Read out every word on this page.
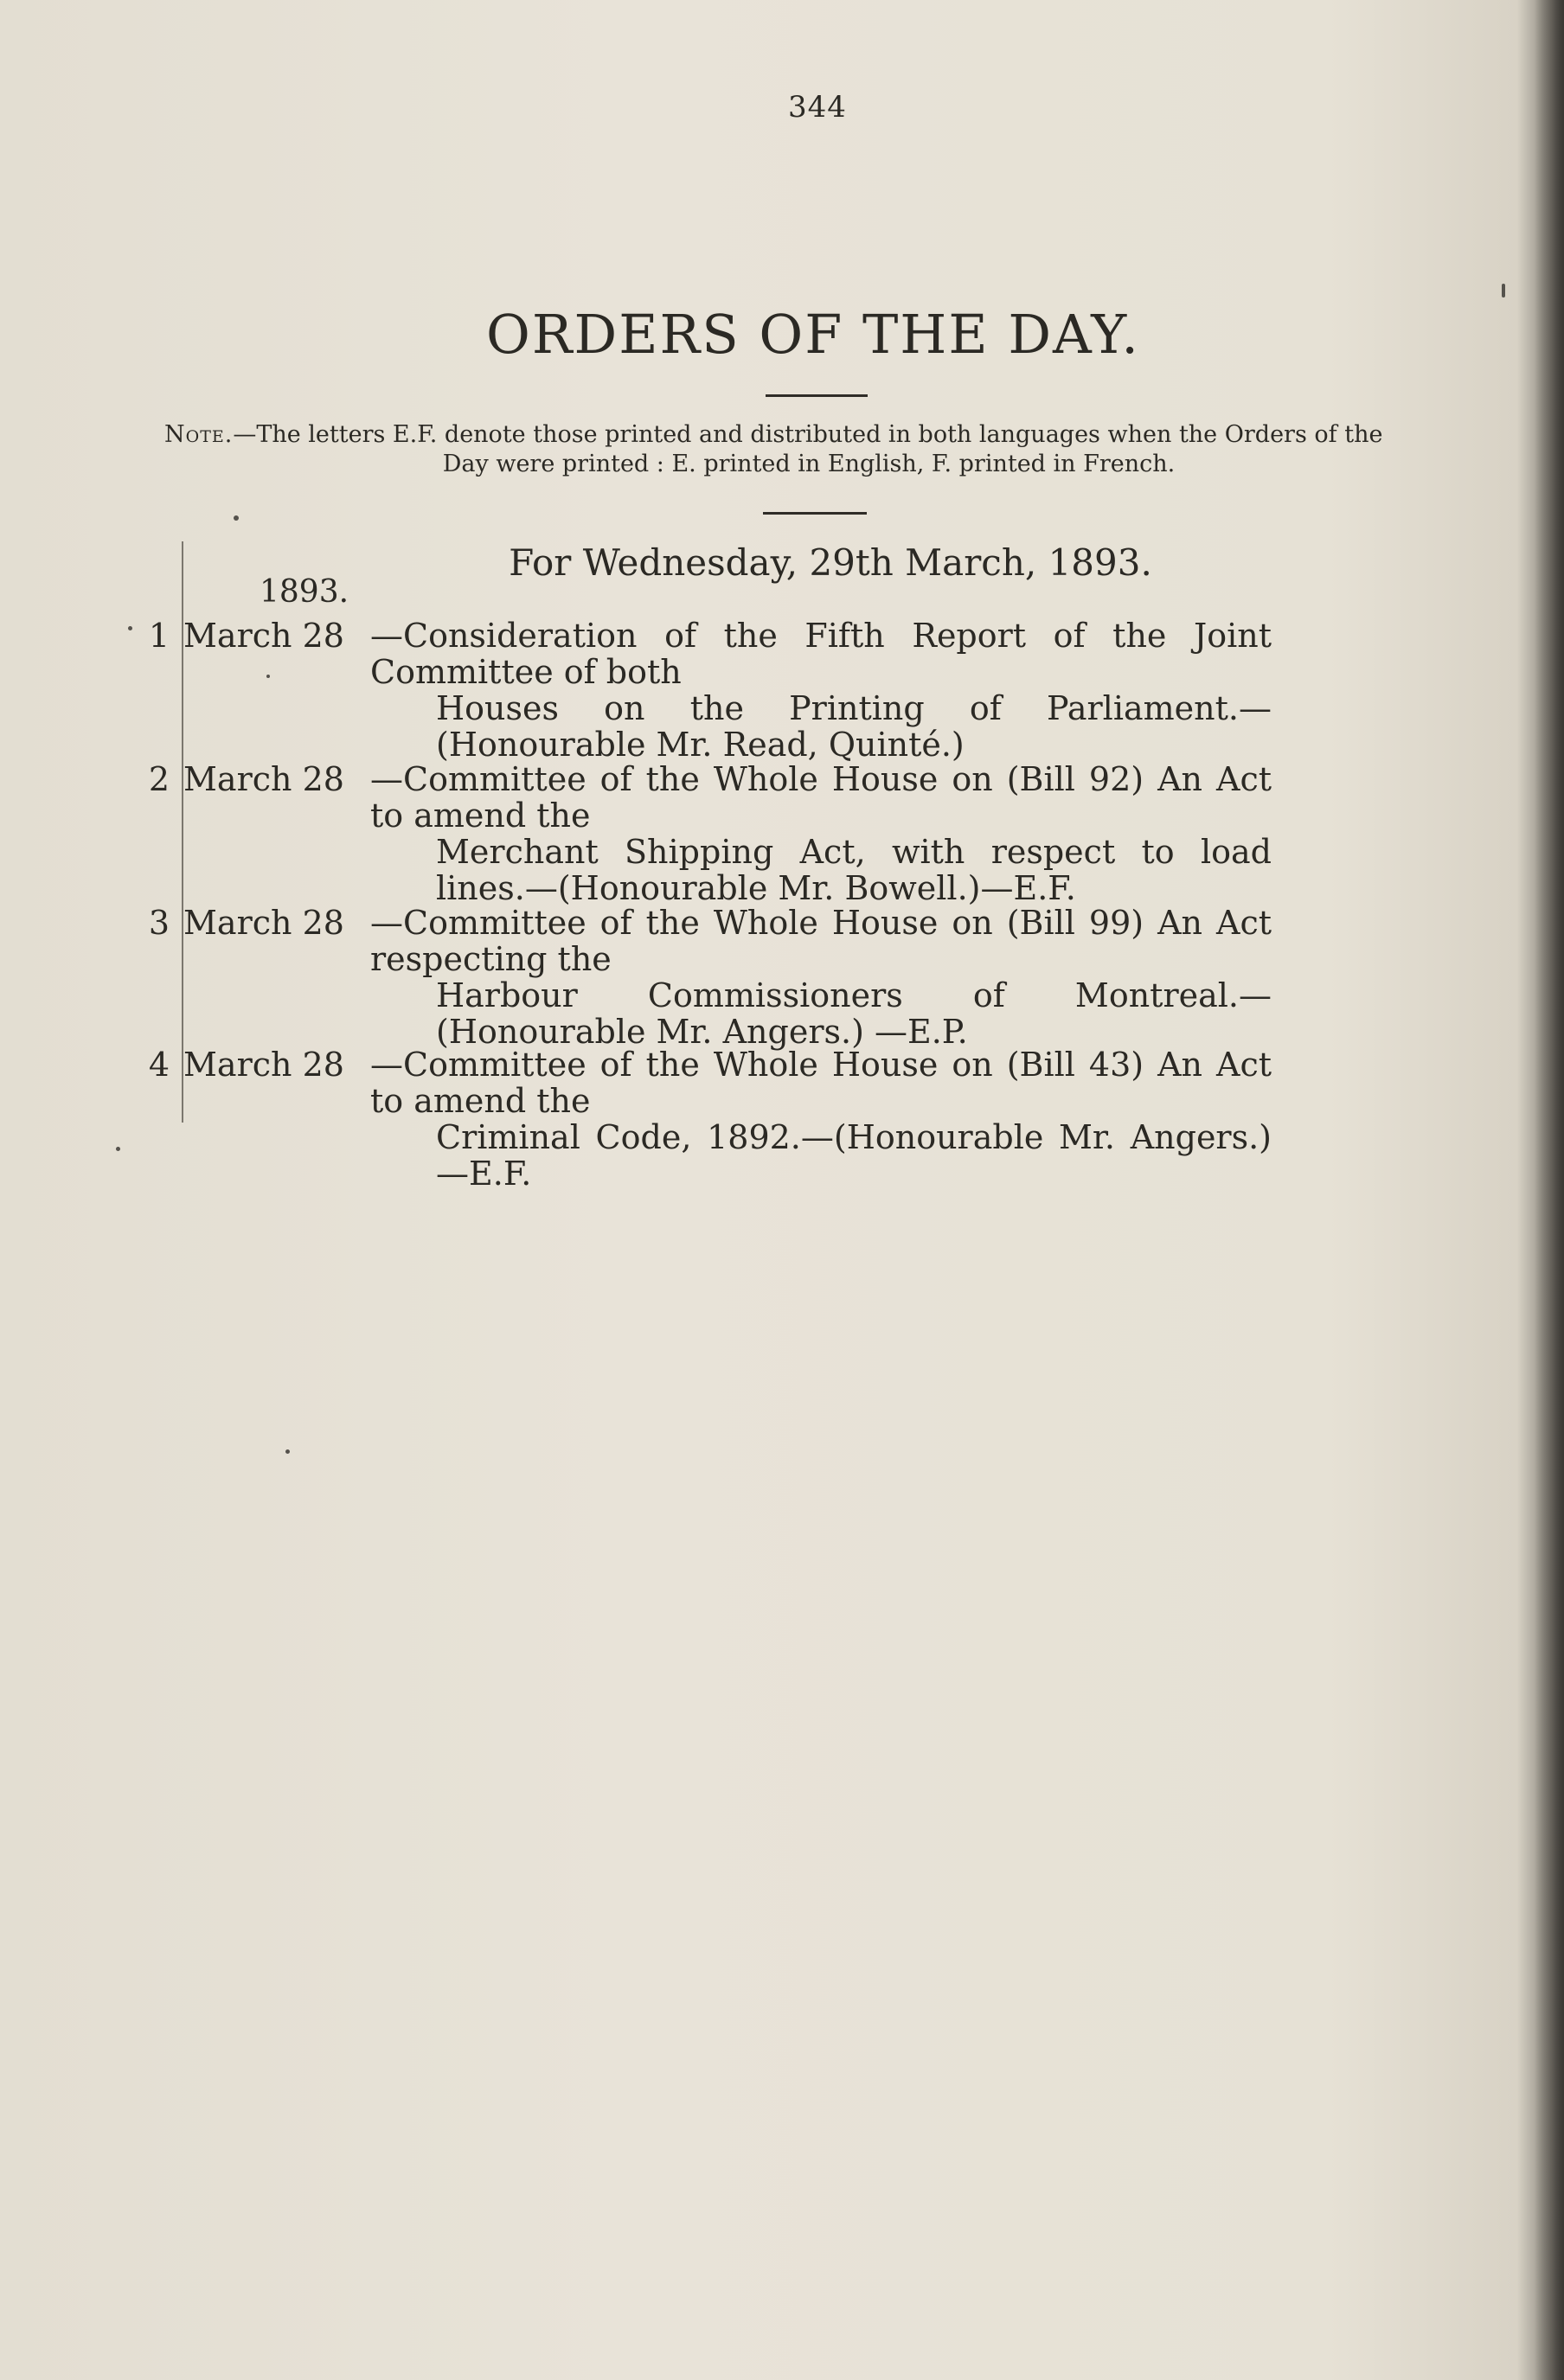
344
ORDERS OF THE DAY.
Note.—The letters E.F. denote those printed and distributed in both languages when the Orders of the
Day were printed : E. printed in English, F. printed in French.
For Wednesday, 29th March, 1893.
1893.
1 March 28 —Consideration of the Fifth Report of the Joint Committee of both
Houses on the Printing of Parliament.—(Honourable Mr. Read, Quinté.)
2 March 28 —Committee of the Whole House on (Bill 92) An Act to amend the
Merchant Shipping Act, with respect to load lines.—(Honourable Mr. Bowell.)—E.F.
3 March 28 —Committee of the Whole House on (Bill 99) An Act respecting the
Harbour Commissioners of Montreal.—(Honourable Mr. Angers.) —E.P.
4 March 28 —Committee of the Whole House on (Bill 43) An Act to amend the
Criminal Code, 1892.—(Honourable Mr. Angers.)—E.F.
